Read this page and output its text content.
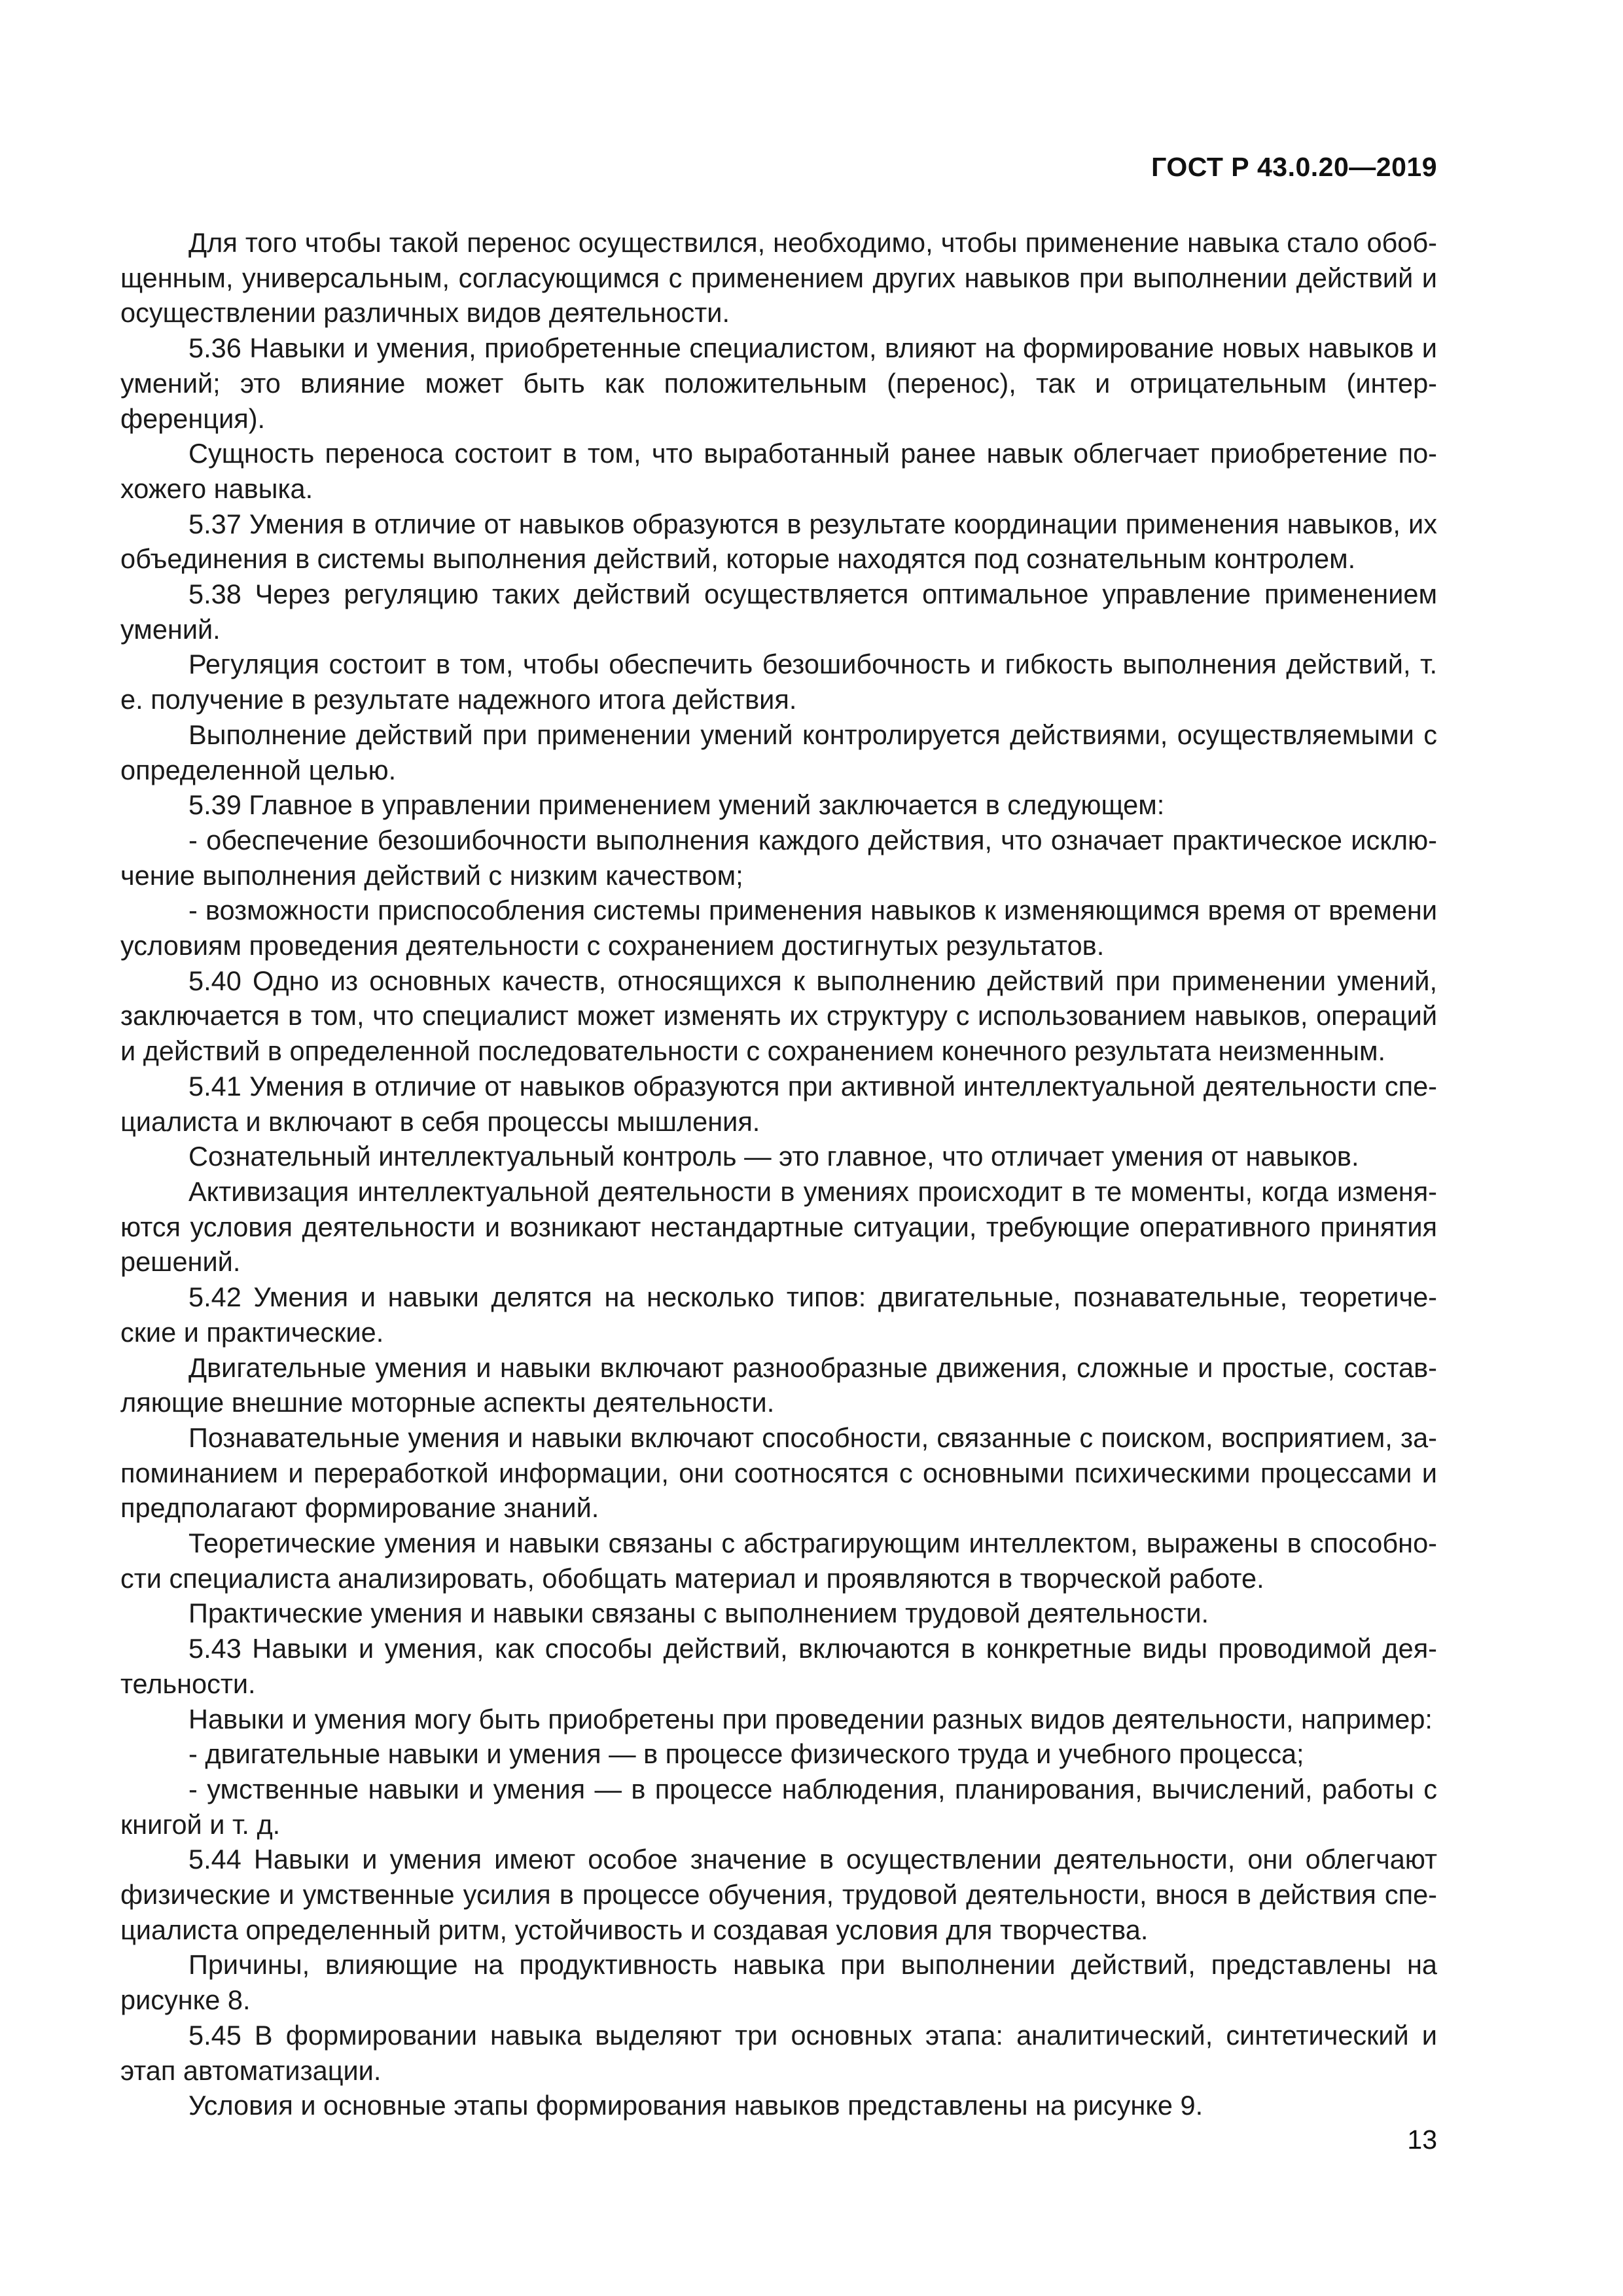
ГОСТ Р 43.0.20—2019

Для того чтобы такой перенос осуществился, необходимо, чтобы применение навыка стало обобщенным, универсальным, согласующимся с применением других навыков при выполнении действий и осуществлении различных видов деятельности.

5.36 Навыки и умения, приобретенные специалистом, влияют на формирование новых навыков и умений; это влияние может быть как положительным (перенос), так и отрицательным (интерференция).

Сущность переноса состоит в том, что выработанный ранее навык облегчает приобретение похожего навыка.

5.37 Умения в отличие от навыков образуются в результате координации применения навыков, их объединения в системы выполнения действий, которые находятся под сознательным контролем.

5.38 Через регуляцию таких действий осуществляется оптимальное управление применением умений.

Регуляция состоит в том, чтобы обеспечить безошибочность и гибкость выполнения действий, т. е. получение в результате надежного итога действия.

Выполнение действий при применении умений контролируется действиями, осуществляемыми с определенной целью.

5.39 Главное в управлении применением умений заключается в следующем:

- обеспечение безошибочности выполнения каждого действия, что означает практическое исключение выполнения действий с низким качеством;

- возможности приспособления системы применения навыков к изменяющимся время от времени условиям проведения деятельности с сохранением достигнутых результатов.

5.40 Одно из основных качеств, относящихся к выполнению действий при применении умений, заключается в том, что специалист может изменять их структуру с использованием навыков, операций и действий в определенной последовательности с сохранением конечного результата неизменным.

5.41 Умения в отличие от навыков образуются при активной интеллектуальной деятельности специалиста и включают в себя процессы мышления.

Сознательный интеллектуальный контроль — это главное, что отличает умения от навыков.

Активизация интеллектуальной деятельности в умениях происходит в те моменты, когда изменяются условия деятельности и возникают нестандартные ситуации, требующие оперативного принятия решений.

5.42 Умения и навыки делятся на несколько типов: двигательные, познавательные, теоретические и практические.

Двигательные умения и навыки включают разнообразные движения, сложные и простые, составляющие внешние моторные аспекты деятельности.

Познавательные умения и навыки включают способности, связанные с поиском, восприятием, запоминанием и переработкой информации, они соотносятся с основными психическими процессами и предполагают формирование знаний.

Теоретические умения и навыки связаны с абстрагирующим интеллектом, выражены в способности специалиста анализировать, обобщать материал и проявляются в творческой работе.

Практические умения и навыки связаны с выполнением трудовой деятельности.

5.43 Навыки и умения, как способы действий, включаются в конкретные виды проводимой деятельности.

Навыки и умения могу быть приобретены при проведении разных видов деятельности, например:

- двигательные навыки и умения — в процессе физического труда и учебного процесса;

- умственные навыки и умения — в процессе наблюдения, планирования, вычислений, работы с книгой и т. д.

5.44 Навыки и умения имеют особое значение в осуществлении деятельности, они облегчают физические и умственные усилия в процессе обучения, трудовой деятельности, внося в действия специалиста определенный ритм, устойчивость и создавая условия для творчества.

Причины, влияющие на продуктивность навыка при выполнении действий, представлены на рисунке 8.

5.45 В формировании навыка выделяют три основных этапа: аналитический, синтетический и этап автоматизации.

Условия и основные этапы формирования навыков представлены на рисунке 9.

13
